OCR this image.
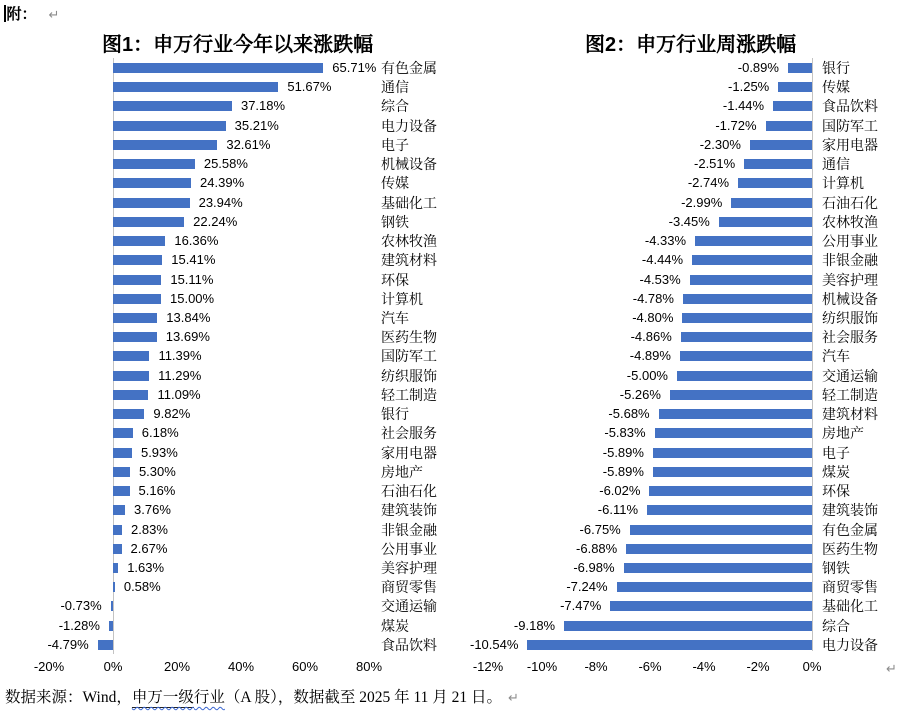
附： ↵
图1：申万行业今年以来涨跌幅
65.71% 有色金属
51.67%	通信
37.18%	综合
35.21%	电力设备
32.61%	电子
25.58%	机械设备
24.39%	传媒
23.94%	基础化工
22.24%	钢铁
16.36%	农林牧渔
15.41%	建筑材料
15.11%	环保
15.00%	计算机
13.84%	汽车
13.69%	医药生物
11.39%	国防军工
11.29%	纺织服饰
11.09%	轻工制造
9.82%	银行
6.18%	社会服务
5.93%	家用电器
5.30%	房地产
5.16%	石油石化
3.76%	建筑装饰
2.83%	非银金融
2.67%	公用事业
1.63%	美容护理
0.58%	商贸零售
-0.73%	交通运输
-1.28%	煤炭
-4.79%	食品饮料
-20%	0%	20%	40%	60%	80%
图2：申万行业周涨跌幅
-0.89%	银行
-1.25%	传媒
-1.44%	食品饮料
-1.72%	国防军工
-2.30%	家用电器
-2.51%	通信
-2.74%	计算机
-2.99%	石油石化
-3.45%	农林牧渔
-4.33%	公用事业
-4.44%	非银金融
-4.53%	美容护理
-4.78%	机械设备
-4.80%	纺织服饰
-4.86%	社会服务
-4.89%	汽车
-5.00%	交通运输
-5.26%	轻工制造
-5.68%	建筑材料
-5.83%	房地产
-5.89%	电子
-5.89%	煤炭
-6.02%	环保
-6.11%	建筑装饰
-6.75%	有色金属
-6.88%	医药生物
-6.98%	钢铁
-7.24%	商贸零售
-7.47%	基础化工
-9.18%	综合
-10.54%	电力设备
-12%	-10%	-8%	-6%	-4%	-2%	0%	↵
数据来源：Wind，申万一级行业（A 股），数据截至 2025 年 11 月 21 日。 ↵
